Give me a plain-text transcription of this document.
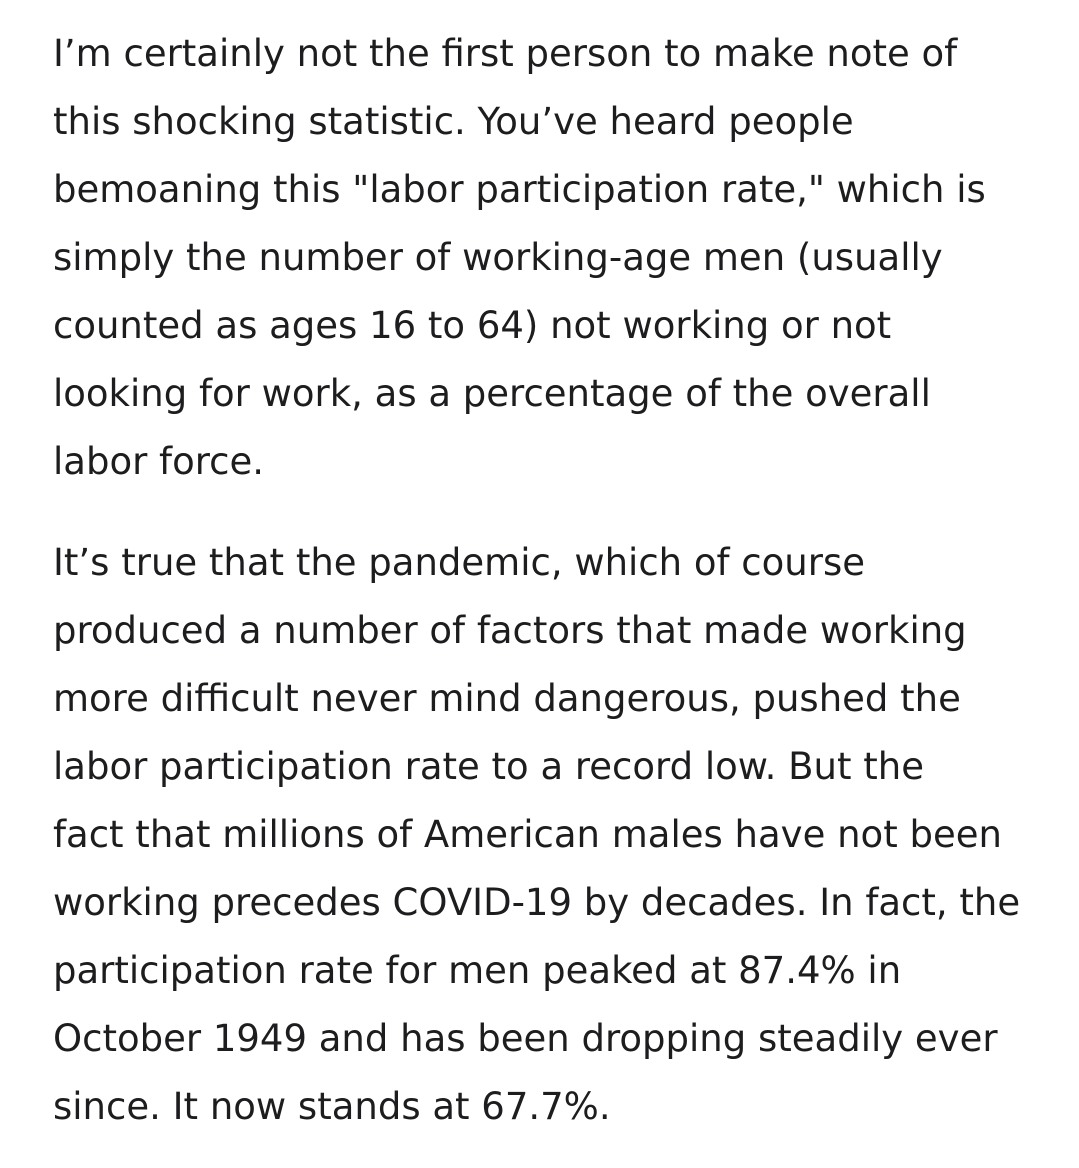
I’m certainly not the first person to make note of
this shocking statistic. You’ve heard people
bemoaning this "labor participation rate," which is
simply the number of working-age men (usually
counted as ages 16 to 64) not working or not
looking for work, as a percentage of the overall
labor force.

It’s true that the pandemic, which of course
produced a number of factors that made working
more difficult never mind dangerous, pushed the
labor participation rate to a record low. But the
fact that millions of American males have not been
working precedes COVID-19 by decades. In fact, the
participation rate for men peaked at 87.4% in
October 1949 and has been dropping steadily ever
since. It now stands at 67.7%.
